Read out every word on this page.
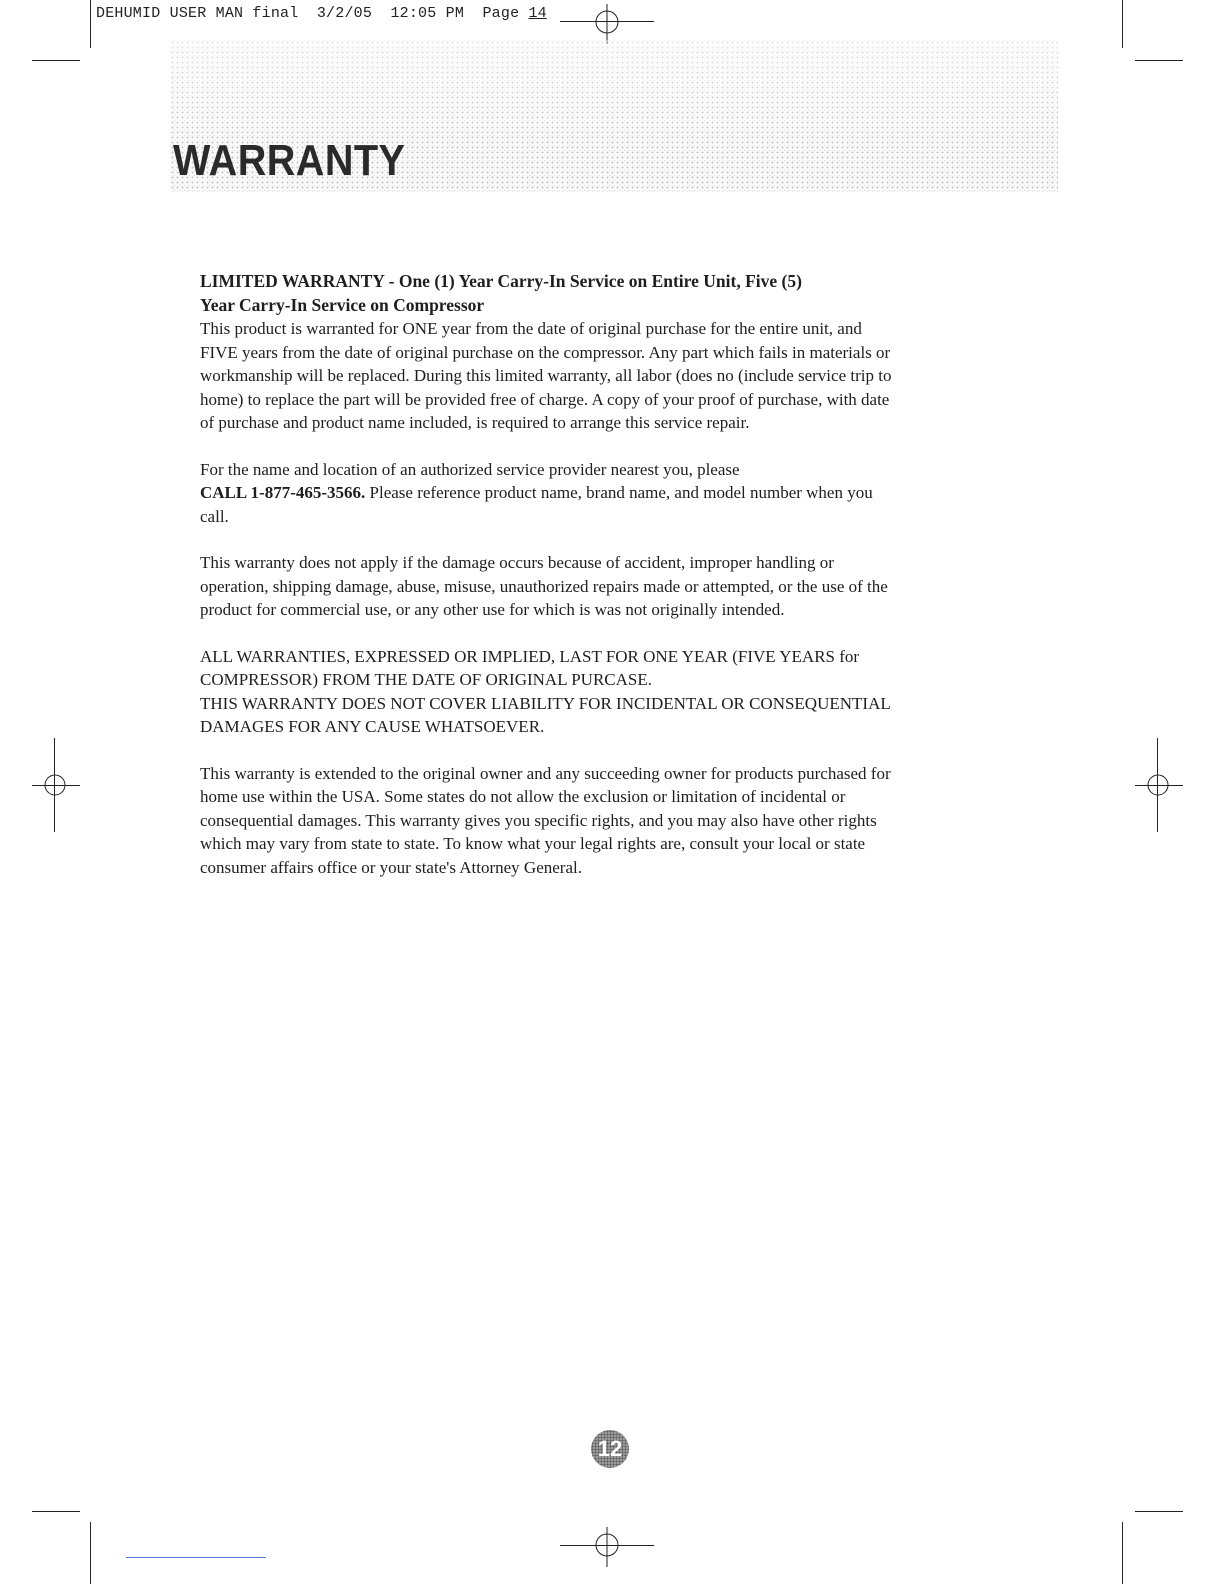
DEHUMID USER MAN final  3/2/05  12:05 PM  Page 14
WARRANTY

LIMITED WARRANTY - One (1) Year Carry-In Service on Entire Unit, Five (5)

Year Carry-In Service on Compressor

This product is warranted for ONE year from the date of original purchase for the entire unit, and

FIVE years from the date of original purchase on the compressor. Any part which fails in materials or

workmanship will be replaced. During this limited warranty, all labor (does no (include service trip to

home) to replace the part will be provided free of charge. A copy of your proof of purchase, with date

of purchase and product name included, is required to arrange this service repair.

For the name and location of an authorized service provider nearest you, please

CALL 1-877-465-3566. Please reference product name, brand name, and model number when you

call.

This warranty does not apply if the damage occurs because of accident, improper handling or

operation, shipping damage, abuse, misuse, unauthorized repairs made or attempted, or the use of the

product for commercial use, or any other use for which is was not originally intended.

ALL WARRANTIES, EXPRESSED OR IMPLIED, LAST FOR ONE YEAR (FIVE YEARS for

COMPRESSOR) FROM THE DATE OF ORIGINAL PURCASE.

THIS WARRANTY DOES NOT COVER LIABILITY FOR INCIDENTAL OR CONSEQUENTIAL

DAMAGES FOR ANY CAUSE WHATSOEVER.

This warranty is extended to the original owner and any succeeding owner for products purchased for

home use within the USA. Some states do not allow the exclusion or limitation of incidental or

consequential damages. This warranty gives you specific rights, and you may also have other rights

which may vary from state to state. To know what your legal rights are, consult your local or state

consumer affairs office or your state's Attorney General.

12
